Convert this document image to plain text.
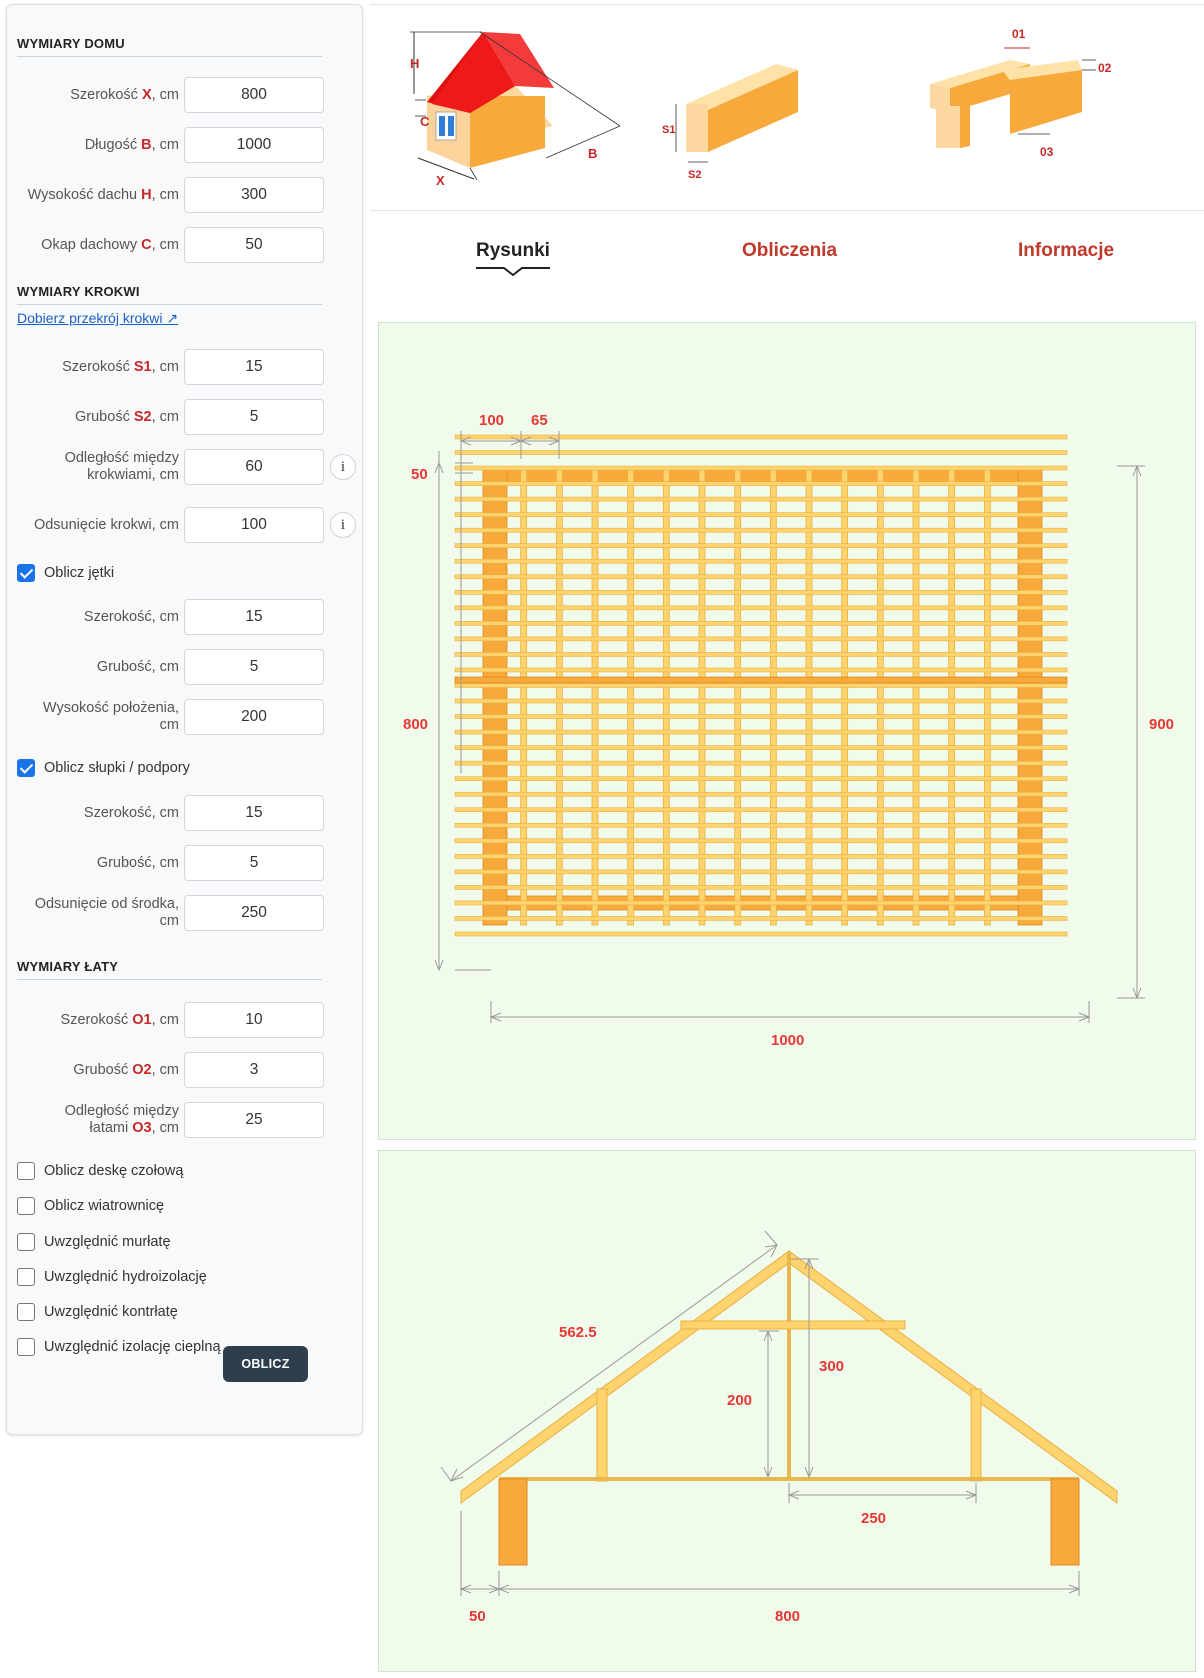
WYMIARY DOMU
Szerokość X, cm
800
Długość B, cm
1000
Wysokość dachu H, cm
300
Okap dachowy C, cm
50
WYMIARY KROKWI
Dobierz przekrój krokwi ↗
Szerokość S1, cm
15
Grubość S2, cm
5
Odległość między
krokwiami, cm
60
i
Odsunięcie krokwi, cm
100	i
Oblicz jętki
Szerokość, cm
15
Grubość, cm
5
Wysokość położenia,
cm
200
Oblicz słupki / podpory
Szerokość, cm
15
Grubość, cm
5
Odsunięcie od środka,
cm
250
WYMIARY ŁATY
Szerokość O1, cm
10
Grubość O2, cm
3
Odległość między
łatami O3, cm
25
Oblicz deskę czołową
Oblicz wiatrownicę
Uwzględnić murłatę
Uwzględnić hydroizolację
Uwzględnić kontrłatę
Uwzględnić izolację cieplną
OBLICZ
H
C
X
B
S1
S2
01
02
03
Rysunki	Obliczenia	Informacje
100 65
50
800	900
1000
562.5
300
200
250
50	800
